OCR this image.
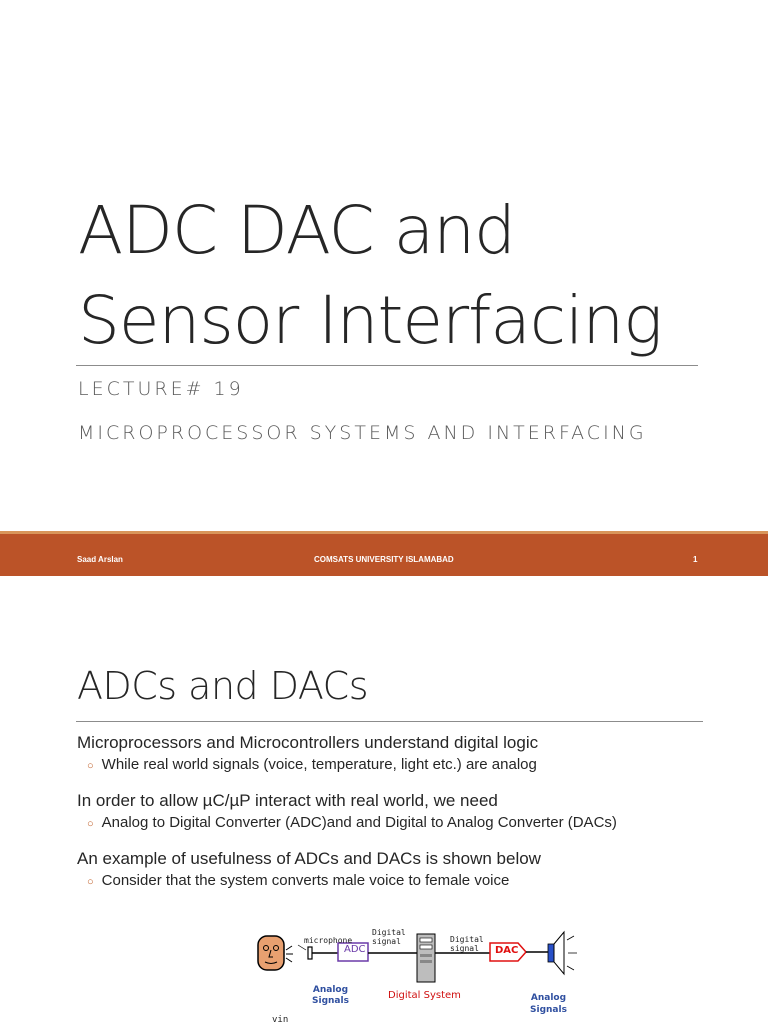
ADC DAC and
Sensor Interfacing
LECTURE# 19
MICROPROCESSOR SYSTEMS AND INTERFACING
Saad Arslan	COMSATS UNIVERSITY ISLAMABAD	1
ADCs and DACs

Microprocessors and Microcontrollers understand digital logic

○ While real world signals (voice, temperature, light etc.) are analog

In order to allow µC/µP interact with real world, we need

○ Analog to Digital Converter (ADC)and and Digital to Analog Converter (DACs)

An example of usefulness of ADCs and DACs is shown below

○ Consider that the system converts male voice to female voice

microphone
ADC
Digital
signal	Digital
signal	DAC
Analog
Signals	Digital System	Analog
Signals
vin
